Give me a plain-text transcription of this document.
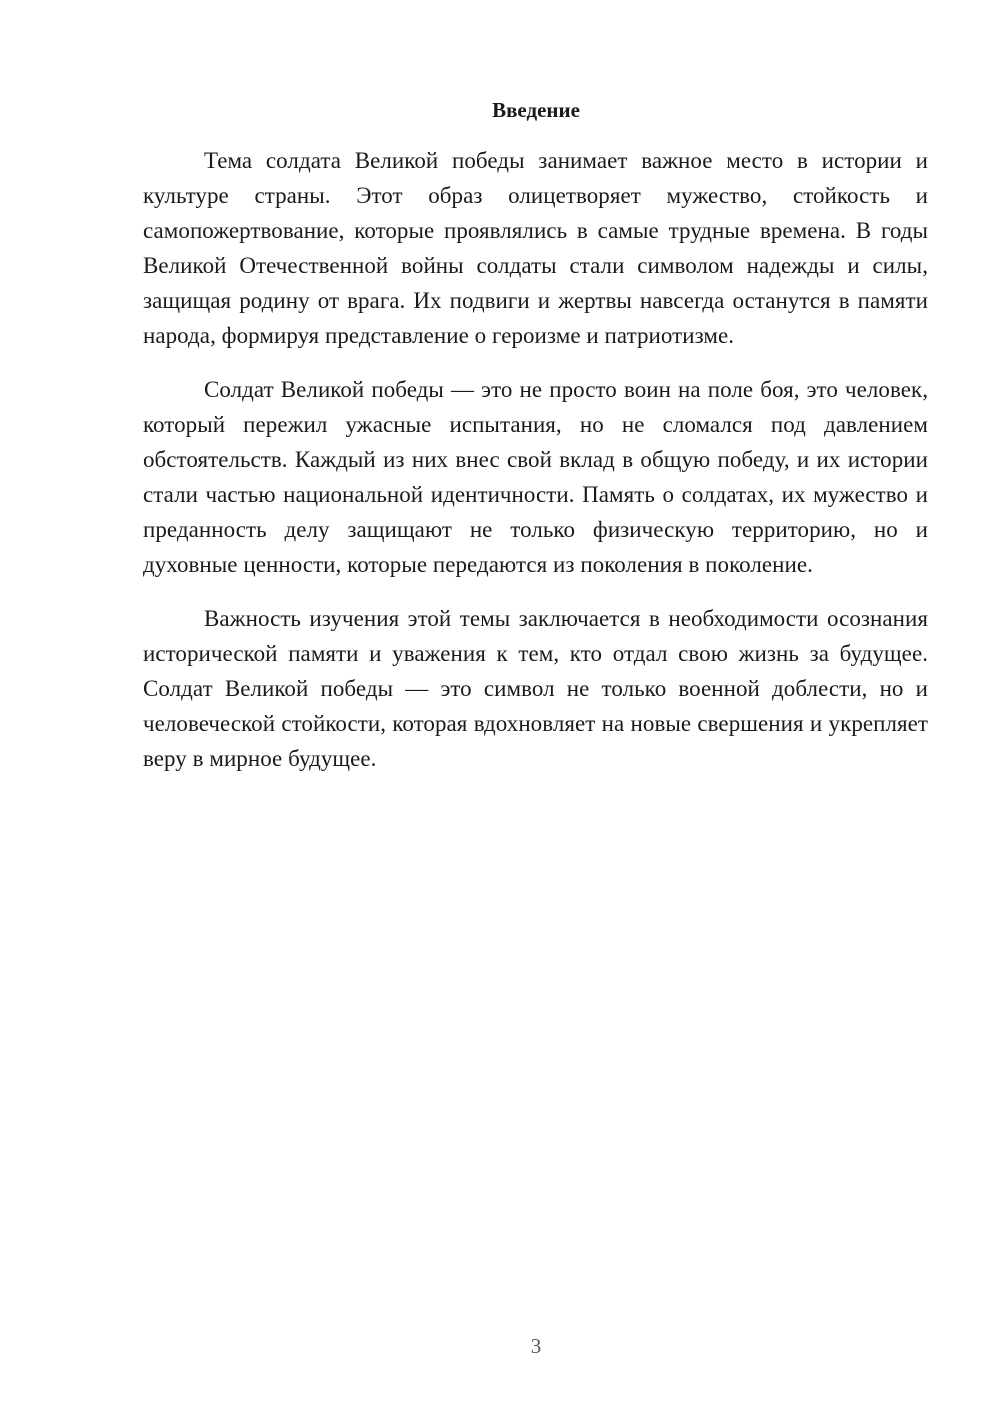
Введение

Тема солдата Великой победы занимает важное место в истории и культуре страны. Этот образ олицетворяет мужество, стойкость и самопожертвование, которые проявлялись в самые трудные времена. В годы Великой Отечественной войны солдаты стали символом надежды и силы, защищая родину от врага. Их подвиги и жертвы навсегда останутся в памяти народа, формируя представление о героизме и патриотизме.

Солдат Великой победы — это не просто воин на поле боя, это человек, который пережил ужасные испытания, но не сломался под давлением обстоятельств. Каждый из них внес свой вклад в общую победу, и их истории стали частью национальной идентичности. Память о солдатах, их мужество и преданность делу защищают не только физическую территорию, но и духовные ценности, которые передаются из поколения в поколение.

Важность изучения этой темы заключается в необходимости осознания исторической памяти и уважения к тем, кто отдал свою жизнь за будущее. Солдат Великой победы — это символ не только военной доблести, но и человеческой стойкости, которая вдохновляет на новые свершения и укрепляет веру в мирное будущее.

3
